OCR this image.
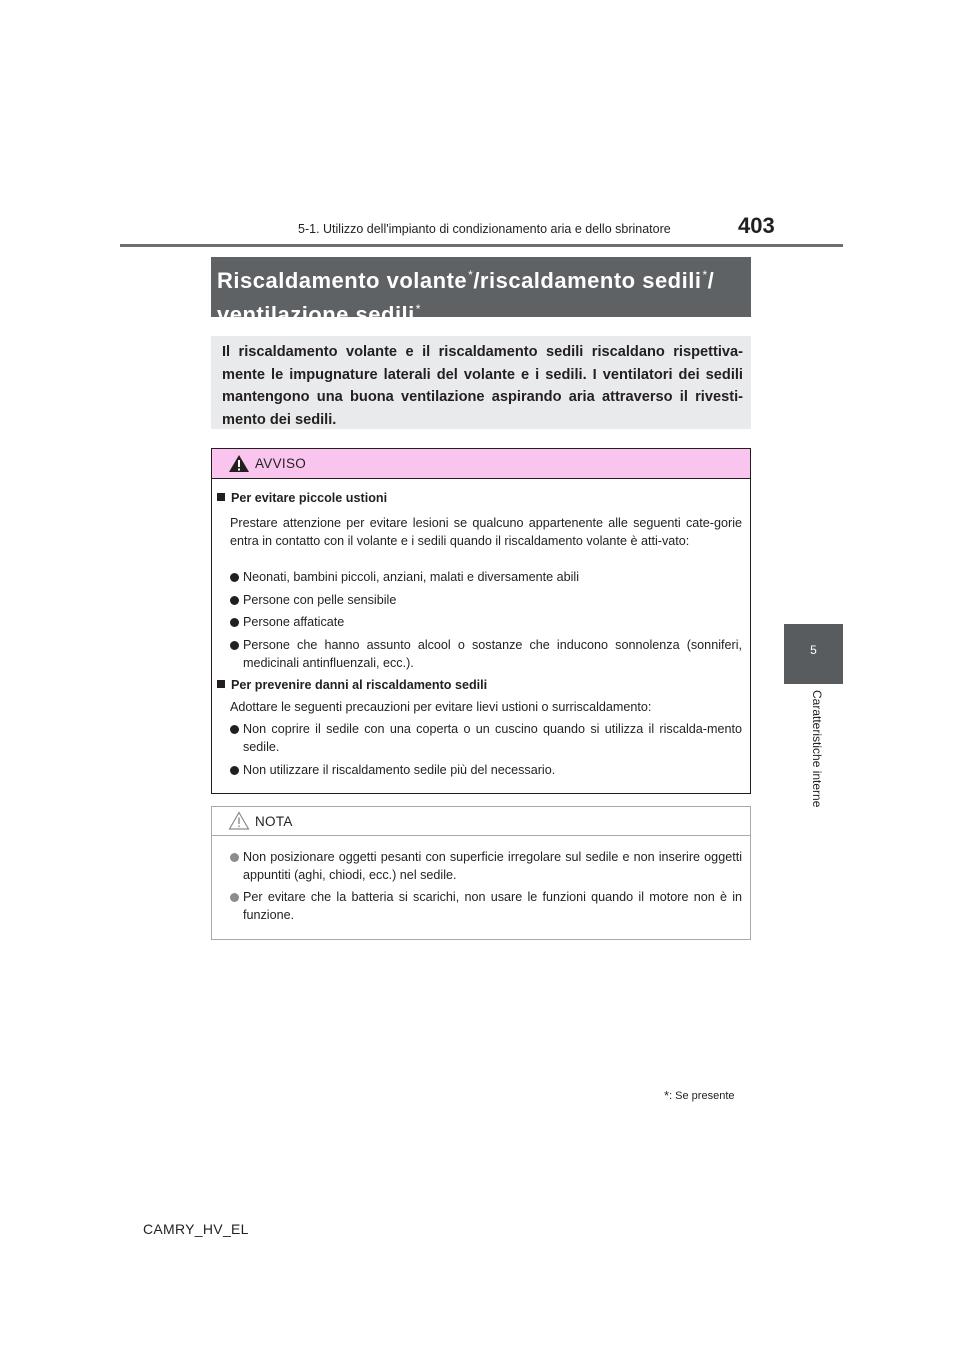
5-1. Utilizzo dell'impianto di condizionamento aria e dello sbrinatore	403
5
Caratteristiche interne
Riscaldamento volante*/riscaldamento sedili*/
ventilazione sedili*
Il riscaldamento volante e il riscaldamento sedili riscaldano rispettiva-mente le impugnature laterali del volante e i sedili. I ventilatori dei sedili mantengono una buona ventilazione aspirando aria attraverso il rivesti-mento dei sedili.
AVVISO
Per evitare piccole ustioni
Prestare attenzione per evitare lesioni se qualcuno appartenente alle seguenti cate-gorie entra in contatto con il volante e i sedili quando il riscaldamento volante è atti-vato:
Neonati, bambini piccoli, anziani, malati e diversamente abili
Persone con pelle sensibile
Persone affaticate
Persone che hanno assunto alcool o sostanze che inducono sonnolenza (sonniferi, medicinali antinfluenzali, ecc.).
Per prevenire danni al riscaldamento sedili
Adottare le seguenti precauzioni per evitare lievi ustioni o surriscaldamento:
Non coprire il sedile con una coperta o un cuscino quando si utilizza il riscalda-mento sedile.
Non utilizzare il riscaldamento sedile più del necessario.
NOTA
Non posizionare oggetti pesanti con superficie irregolare sul sedile e non inserire oggetti appuntiti (aghi, chiodi, ecc.) nel sedile.
Per evitare che la batteria si scarichi, non usare le funzioni quando il motore non è in funzione.
*: Se presente
CAMRY_HV_EL
